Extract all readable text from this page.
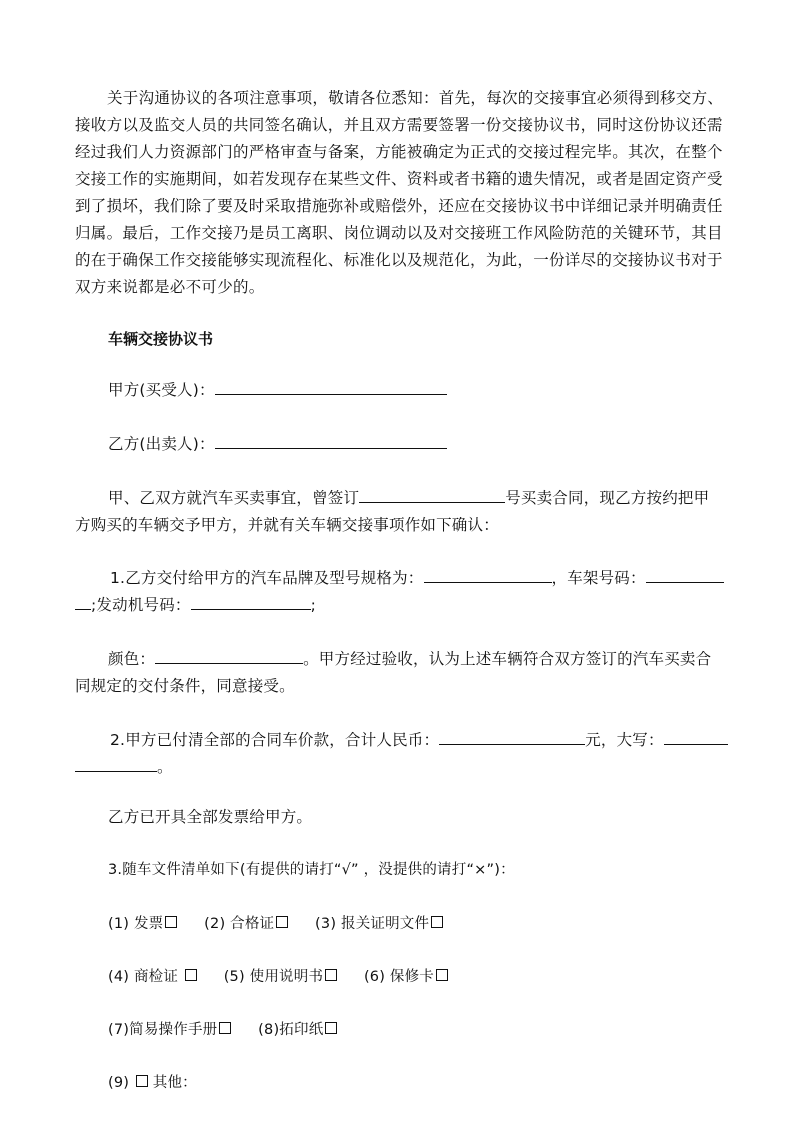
关于沟通协议的各项注意事项，敬请各位悉知：首先，每次的交接事宜必须得到移交方、接收方以及监交人员的共同签名确认，并且双方需要签署一份交接协议书，同时这份协议还需经过我们人力资源部门的严格审查与备案，方能被确定为正式的交接过程完毕。其次，在整个交接工作的实施期间，如若发现存在某些文件、资料或者书籍的遗失情况，或者是固定资产受到了损坏，我们除了要及时采取措施弥补或赔偿外，还应在交接协议书中详细记录并明确责任归属。最后，工作交接乃是员工离职、岗位调动以及对交接班工作风险防范的关键环节，其目的在于确保工作交接能够实现流程化、标准化以及规范化，为此，一份详尽的交接协议书对于双方来说都是必不可少的。

车辆交接协议书

甲方(买受人)：

乙方(出卖人)：

甲、乙双方就汽车买卖事宜，曾签订	号买卖合同，现乙方按约把甲

方购买的车辆交予甲方，并就有关车辆交接事项作如下确认：

1.乙方交付给甲方的汽车品牌及型号规格为：	，车架号码：

;发动机号码：	;

颜色：	。甲方经过验收，认为上述车辆符合双方签订的汽车买卖合

同规定的交付条件，同意接受。

2.甲方已付清全部的合同车价款，合计人民币：	元，大写：

。

乙方已开具全部发票给甲方。

3.随车文件清单如下(有提供的请打“√” ，没提供的请打“×”)：

(1) 发票	(2) 合格证	(3) 报关证明文件

(4) 商检证	(5) 使用说明书	(6) 保修卡

(7)简易操作手册	(8)拓印纸

(9) 其他：
